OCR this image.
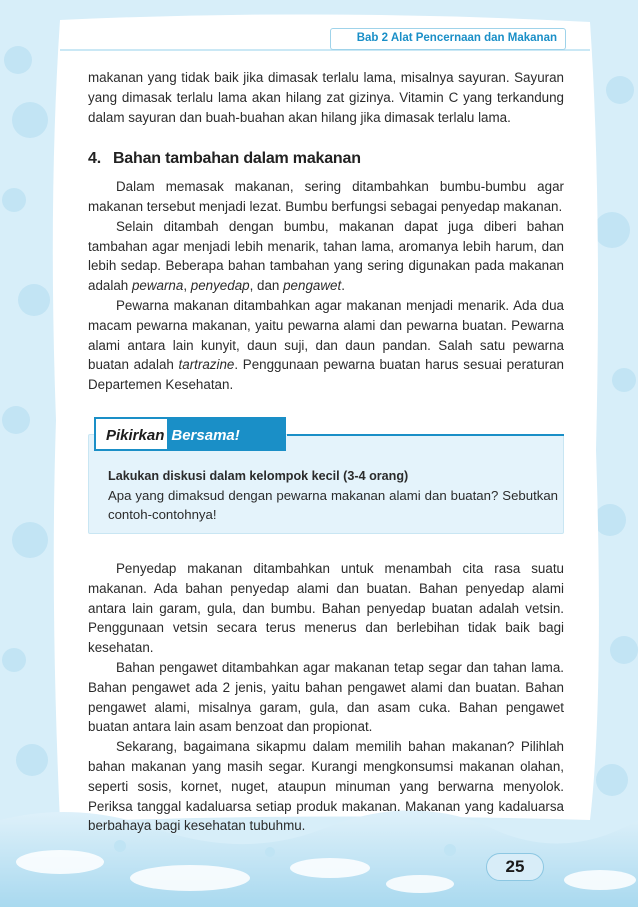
Bab 2 Alat Pencernaan dan Makanan

makanan yang tidak baik jika dimasak terlalu lama, misalnya sayuran. Sayuran yang dimasak terlalu lama akan hilang zat gizinya. Vitamin C yang terkandung dalam sayuran dan buah-buahan akan hilang jika dimasak terlalu lama.

4. Bahan tambahan dalam makanan

Dalam memasak makanan, sering ditambahkan bumbu-bumbu agar makanan tersebut menjadi lezat. Bumbu berfungsi sebagai penyedap makanan.

Selain ditambah dengan bumbu, makanan dapat juga diberi bahan tambahan agar menjadi lebih menarik, tahan lama, aromanya lebih harum, dan lebih sedap. Beberapa bahan tambahan yang sering digunakan pada makanan adalah pewarna, penyedap, dan pengawet.

Pewarna makanan ditambahkan agar makanan menjadi menarik. Ada dua macam pewarna makanan, yaitu pewarna alami dan pewarna buatan. Pewarna alami antara lain kunyit, daun suji, dan daun pandan. Salah satu pewarna buatan adalah tartrazine. Penggunaan pewarna buatan harus sesuai peraturan Departemen Kesehatan.

Pikirkan Bersama!
Lakukan diskusi dalam kelompok kecil (3-4 orang)
Apa yang dimaksud dengan pewarna makanan alami dan buatan? Sebutkan contoh-contohnya!

Penyedap makanan ditambahkan untuk menambah cita rasa suatu makanan. Ada bahan penyedap alami dan buatan. Bahan penyedap alami antara lain garam, gula, dan bumbu. Bahan penyedap buatan adalah vetsin. Penggunaan vetsin secara terus menerus dan berlebihan tidak baik bagi kesehatan.

Bahan pengawet ditambahkan agar makanan tetap segar dan tahan lama. Bahan pengawet ada 2 jenis, yaitu bahan pengawet alami dan buatan. Bahan pengawet alami, misalnya garam, gula, dan asam cuka. Bahan pengawet buatan antara lain asam benzoat dan propionat.

Sekarang, bagaimana sikapmu dalam memilih bahan makanan? Pilihlah bahan makanan yang masih segar. Kurangi mengkonsumsi makanan olahan, seperti sosis, kornet, nuget, ataupun minuman yang berwarna menyolok. Periksa tanggal kadaluarsa setiap produk makanan. Makanan yang kadaluarsa berbahaya bagi kesehatan tubuhmu.

25
